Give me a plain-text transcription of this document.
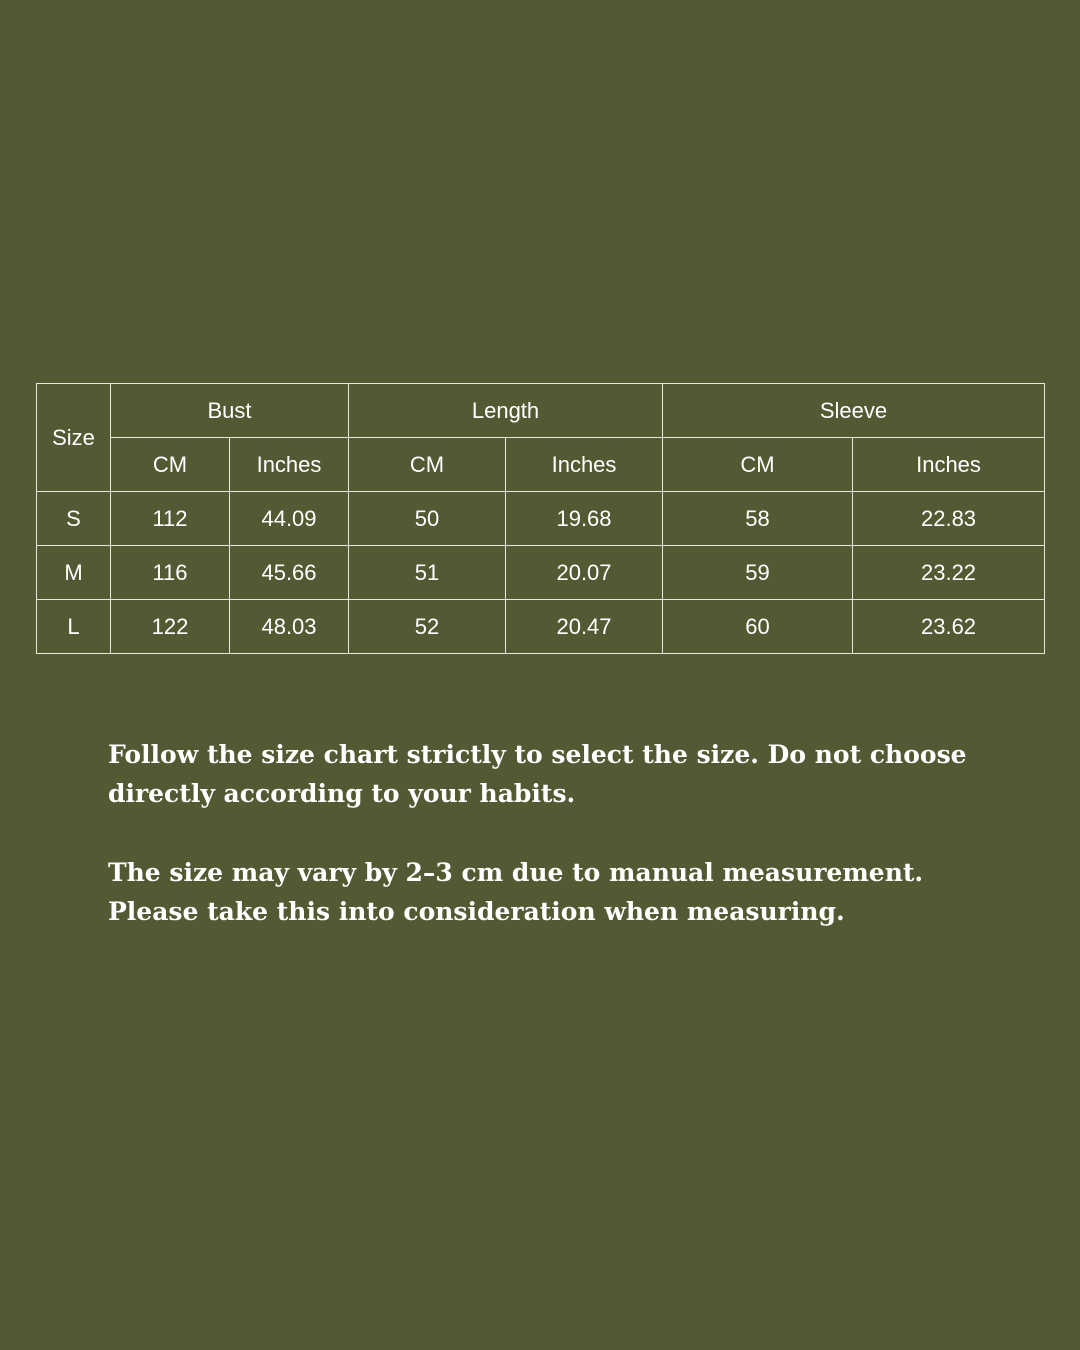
Size	Bust		Length		Sleeve	
	CM	Inches	CM	Inches	CM	Inches
S	112	44.09	50	19.68	58	22.83
M	116	45.66	51	20.07	59	23.22
L	122	48.03	52	20.47	60	23.62

Follow the size chart strictly to select the size. Do not choose directly according to your habits.

The size may vary by 2–3 cm due to manual measurement. Please take this into consideration when measuring.
